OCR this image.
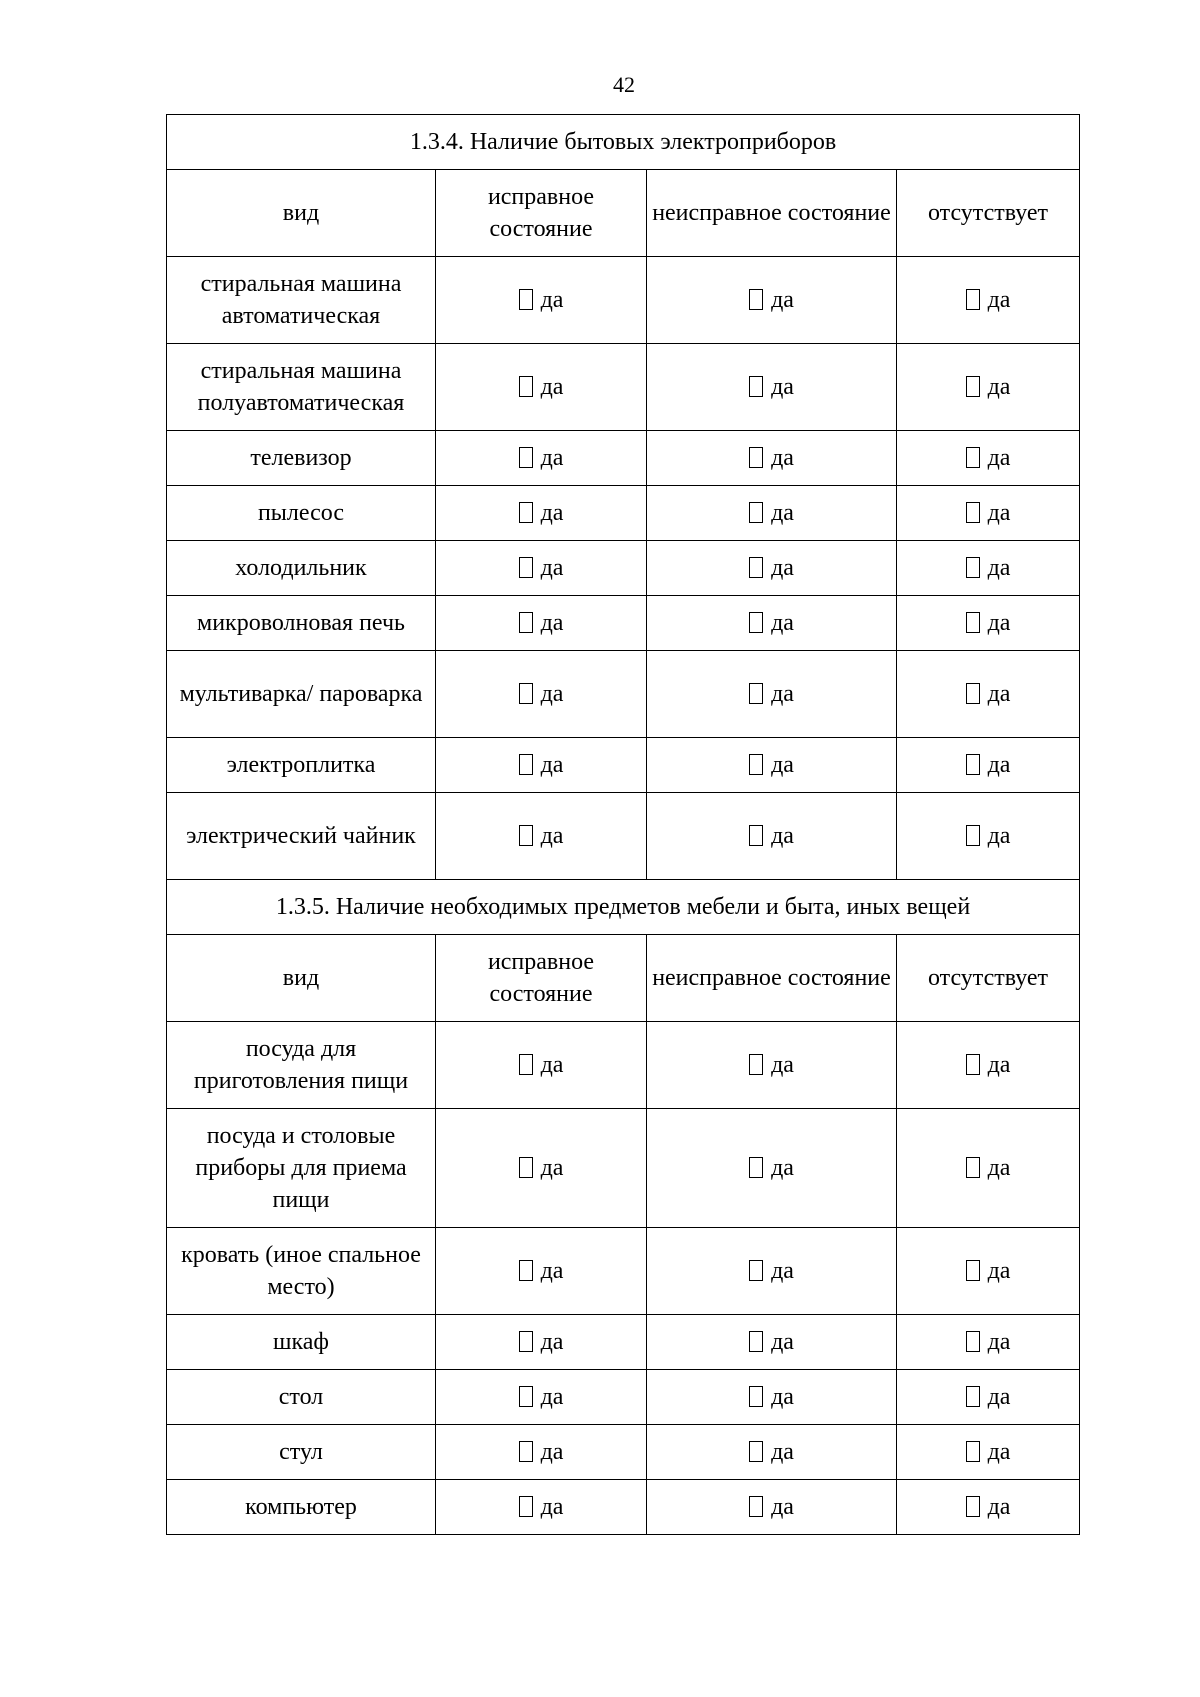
42
1.3.4. Наличие бытовых электроприборов			
вид	исправное состояние	неисправное состояние	отсутствует
стиральная машина автоматическая	да	да	да
стиральная машина полуавтоматическая	да	да	да
телевизор	да	да	да
пылесос	да	да	да
холодильник	да	да	да
микроволновая печь	да	да	да
мультиварка/ пароварка	да	да	да
электроплитка	да	да	да
электрический чайник	да	да	да
1.3.5. Наличие необходимых предметов мебели и быта, иных вещей			
вид	исправное состояние	неисправное состояние	отсутствует
посуда для приготовления пищи	да	да	да
посуда и столовые приборы для приема пищи	да	да	да
кровать (иное спальное место)	да	да	да
шкаф	да	да	да
стол	да	да	да
стул	да	да	да
компьютер	да	да	да
